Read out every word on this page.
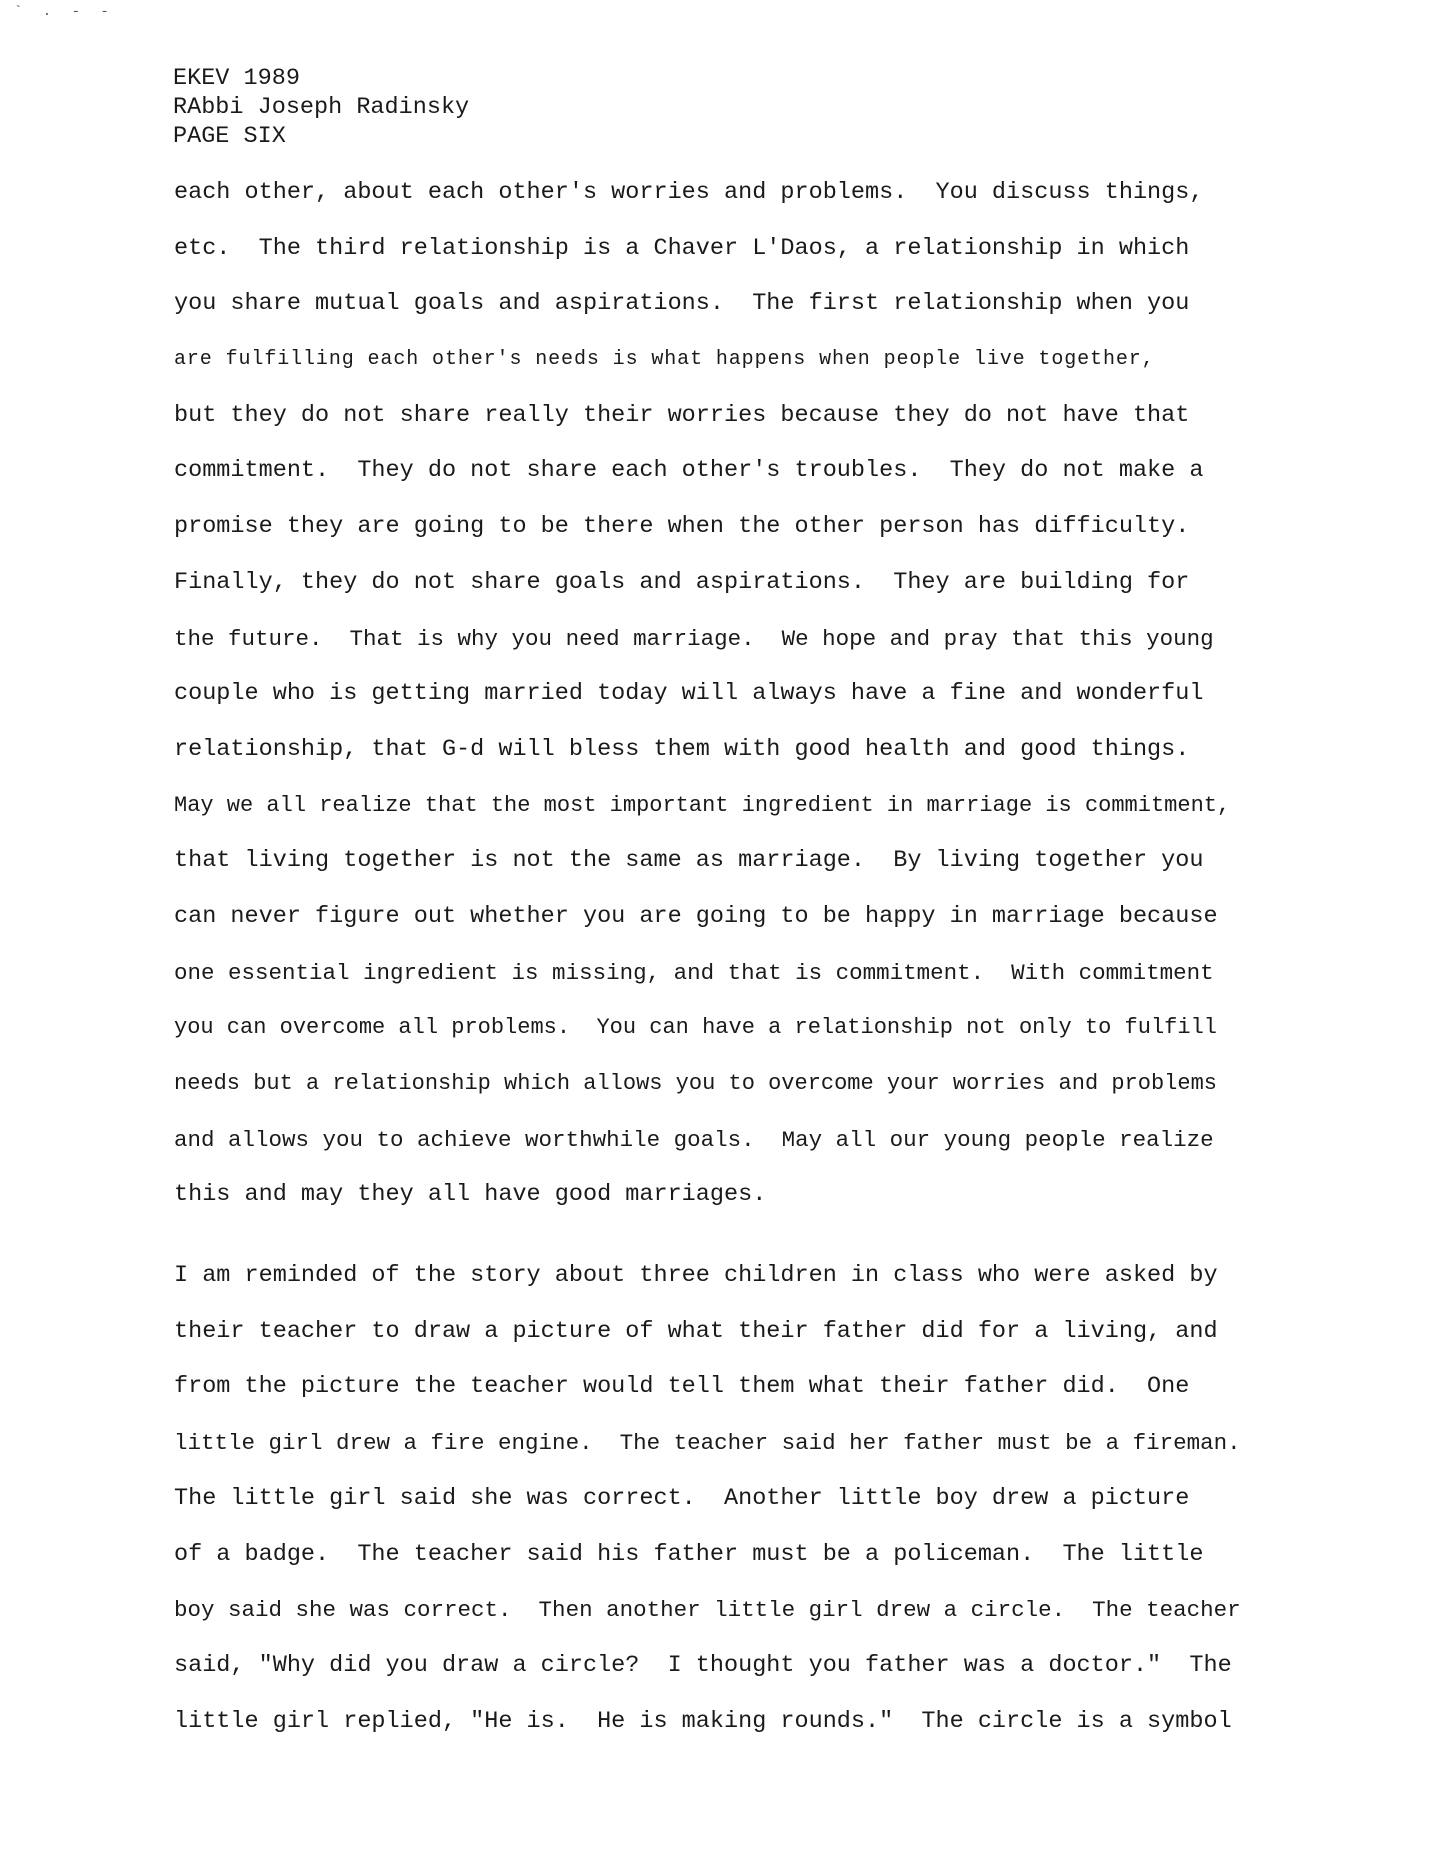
` . - -
EKEV 1989
RAbbi Joseph Radinsky
PAGE SIX
each other, about each other's worries and problems.  You discuss things,
etc.  The third relationship is a Chaver L'Daos, a relationship in which
you share mutual goals and aspirations.  The first relationship when you
are fulfilling each other's needs is what happens when people live together,
but they do not share really their worries because they do not have that
commitment.  They do not share each other's troubles.  They do not make a
promise they are going to be there when the other person has difficulty.
Finally, they do not share goals and aspirations.  They are building for
the future.  That is why you need marriage.  We hope and pray that this young
couple who is getting married today will always have a fine and wonderful
relationship, that G-d will bless them with good health and good things.
May we all realize that the most important ingredient in marriage is commitment,
that living together is not the same as marriage.  By living together you
can never figure out whether you are going to be happy in marriage because
one essential ingredient is missing, and that is commitment.  With commitment
you can overcome all problems.  You can have a relationship not only to fulfill
needs but a relationship which allows you to overcome your worries and problems
and allows you to achieve worthwhile goals.  May all our young people realize
this and may they all have good marriages.
I am reminded of the story about three children in class who were asked by
their teacher to draw a picture of what their father did for a living, and
from the picture the teacher would tell them what their father did.  One
little girl drew a fire engine.  The teacher said her father must be a fireman.
The little girl said she was correct.  Another little boy drew a picture
of a badge.  The teacher said his father must be a policeman.  The little
boy said she was correct.  Then another little girl drew a circle.  The teacher
said, "Why did you draw a circle?  I thought you father was a doctor."  The
little girl replied, "He is.  He is making rounds."  The circle is a symbol
